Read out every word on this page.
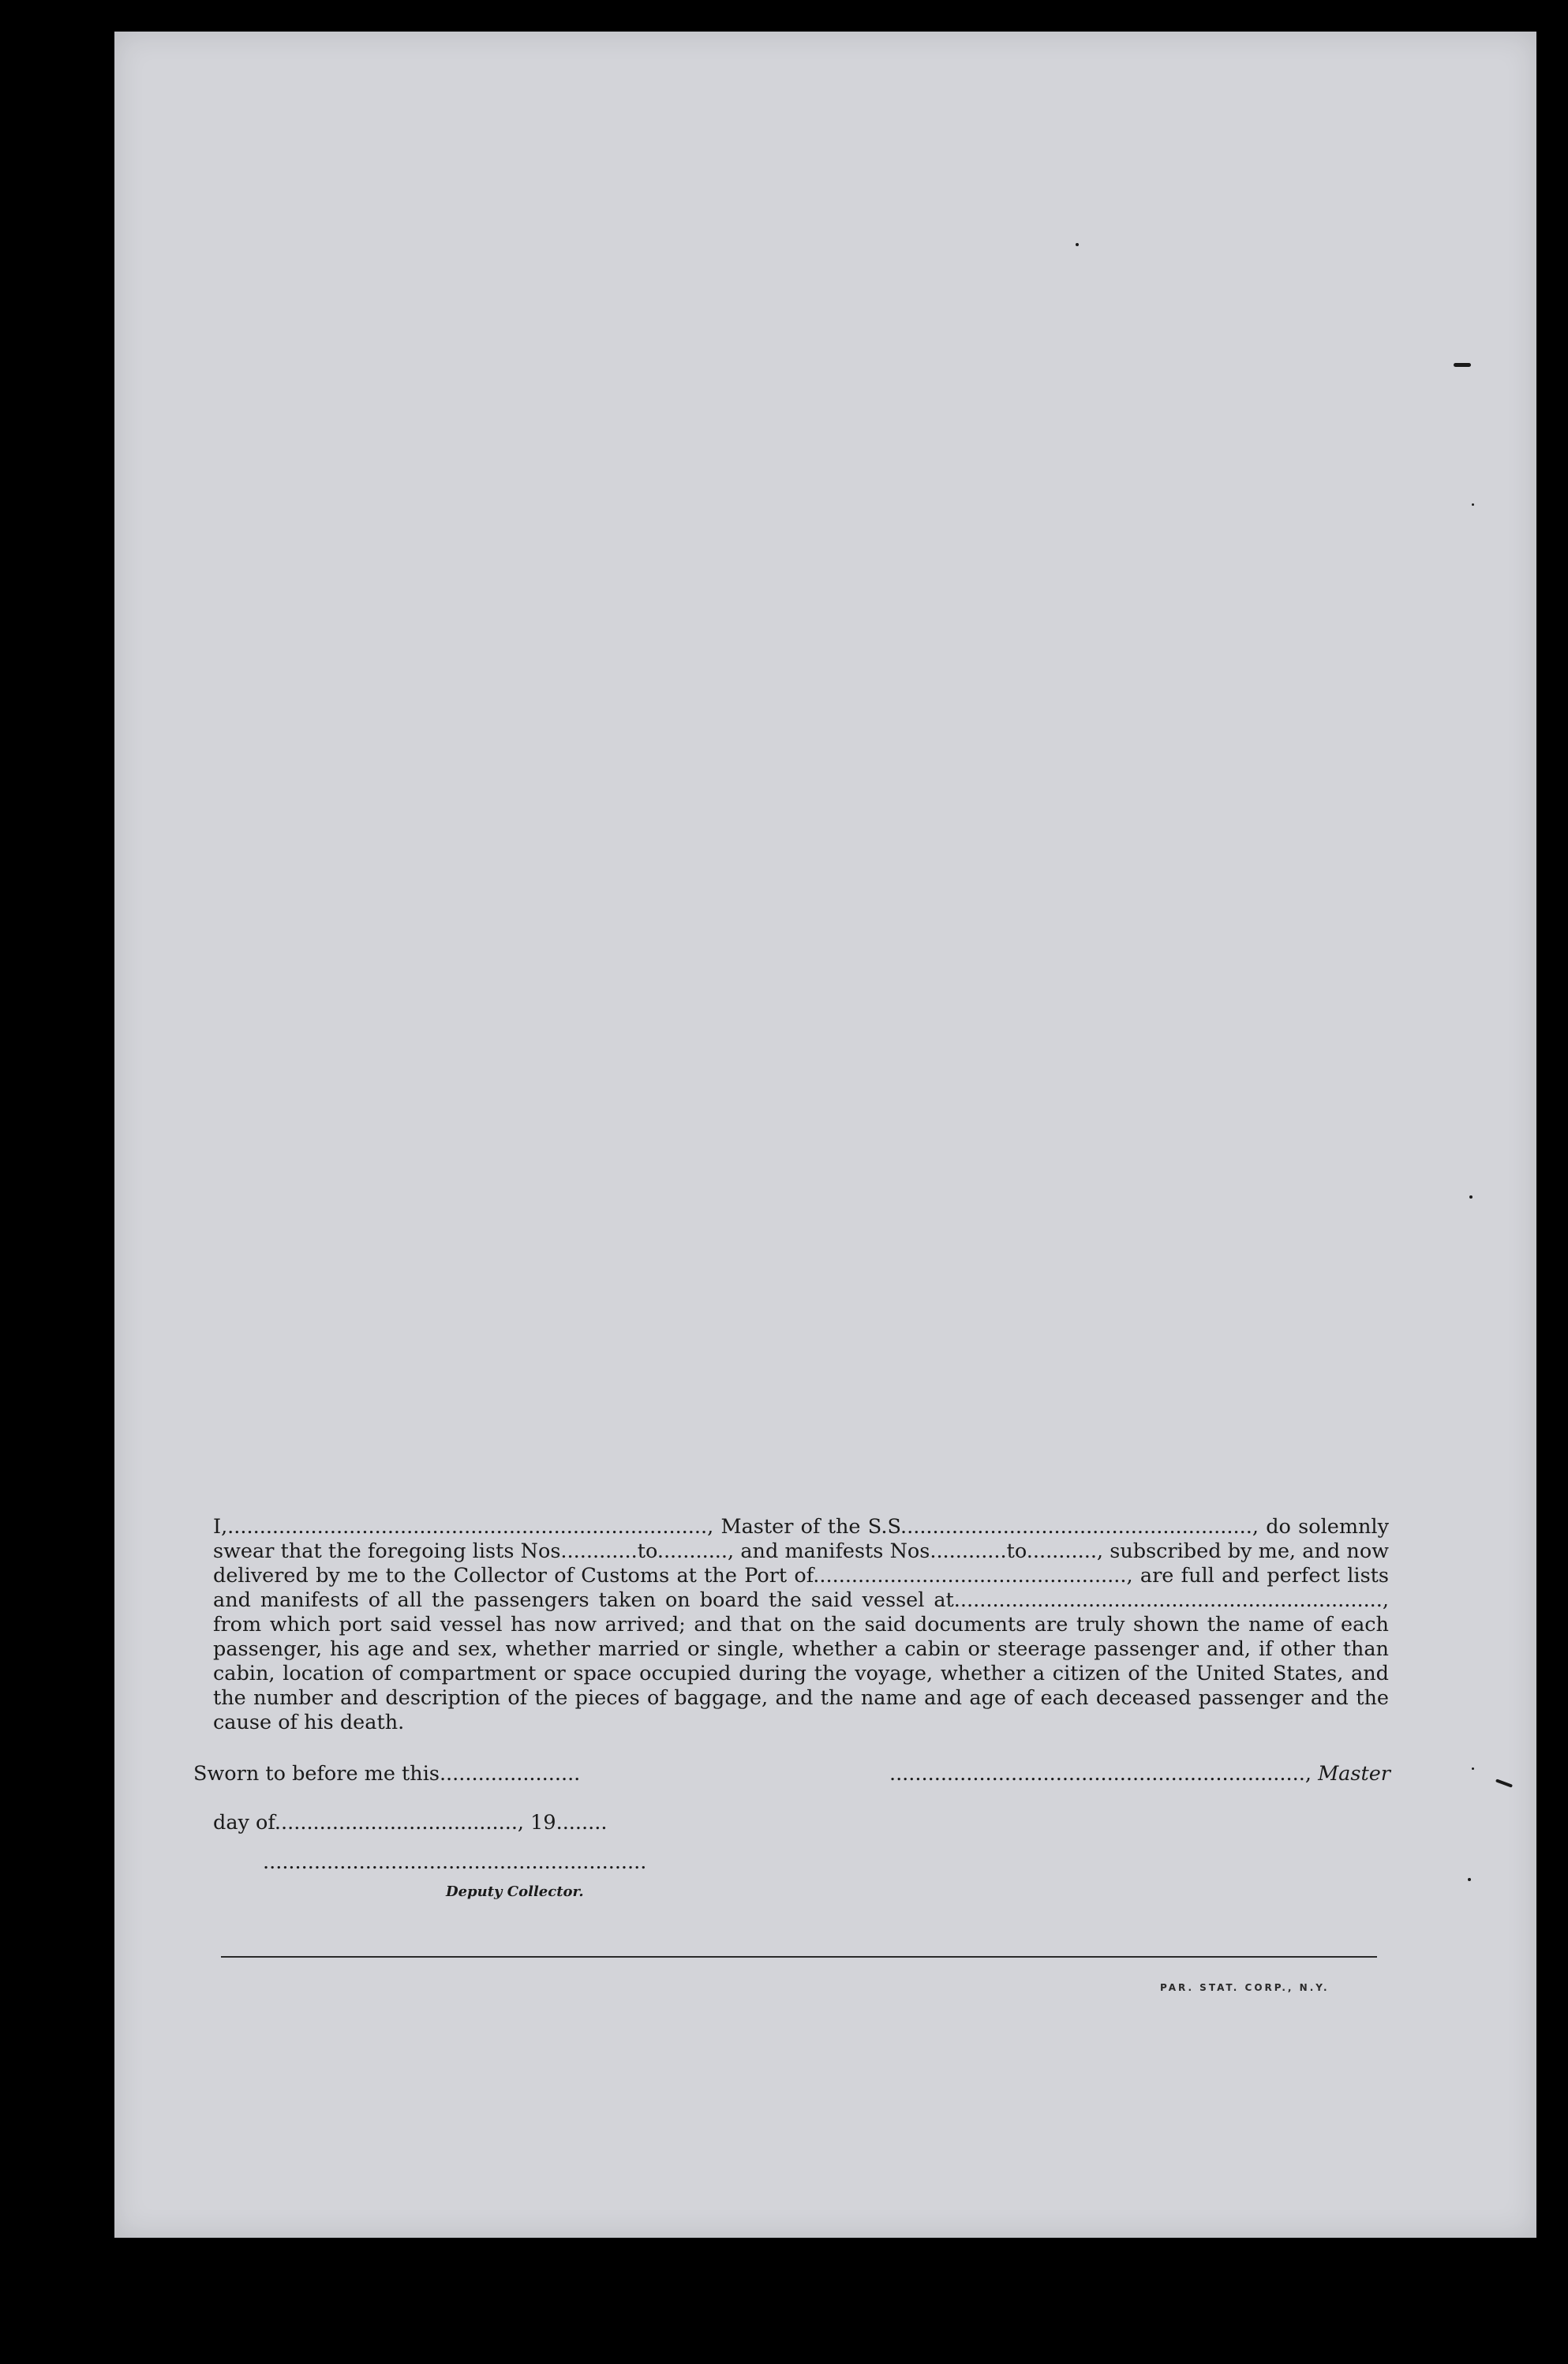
I,..........................................................................., Master of the S.S......................................................., do solemnly swear that the foregoing lists Nos............to..........., and manifests Nos............to..........., subscribed by me, and now delivered by me to the Collector of Customs at the Port of................................................., are full and perfect lists and manifests of all the passengers taken on board the said vessel at..................................................................., from which port said vessel has now arrived; and that on the said documents are truly shown the name of each passenger, his age and sex, whether married or single, whether a cabin or steerage passenger and, if other than cabin, location of compartment or space occupied during the voyage, whether a citizen of the United States, and the number and description of the pieces of baggage, and the name and age of each deceased passenger and the cause of his death.

Sworn to before me this......................	................................................................., Master
day of......................................, 19........
............................................................
Deputy Collector.
PAR. STAT. CORP., N.Y.
